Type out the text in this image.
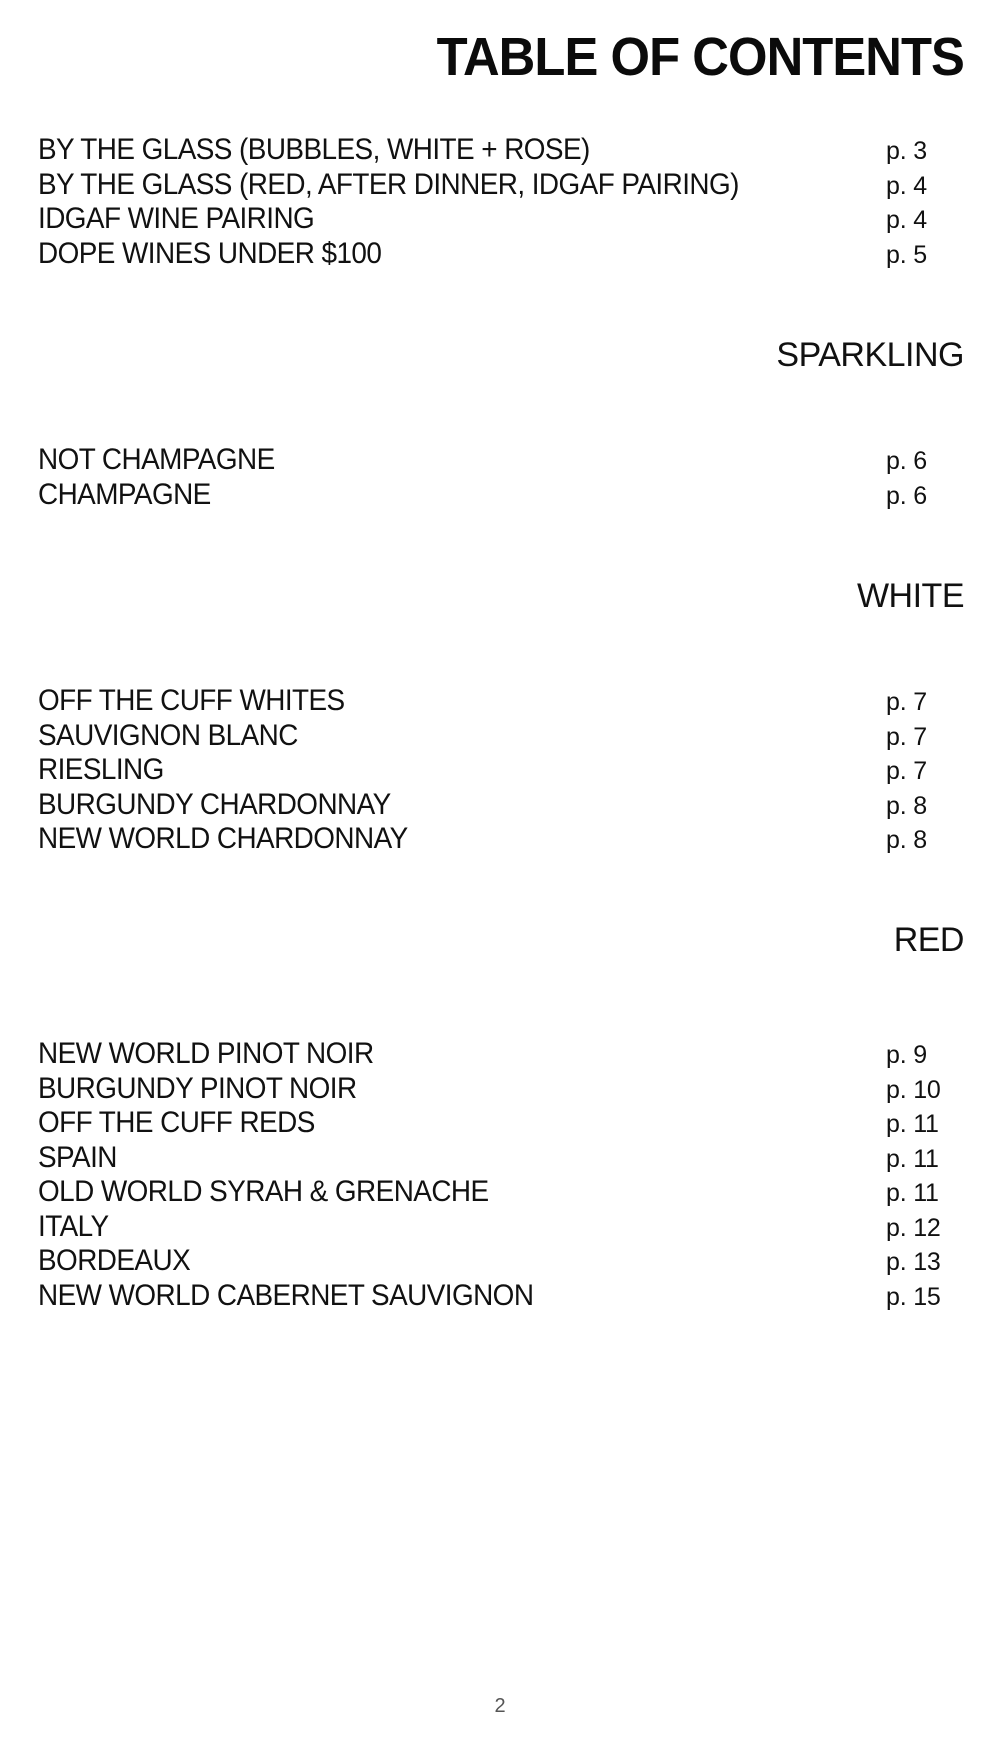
TABLE OF CONTENTS
BY THE GLASS (BUBBLES, WHITE + ROSE)	p. 3
BY THE GLASS (RED, AFTER DINNER, IDGAF PAIRING)	p. 4
IDGAF WINE PAIRING	p. 4
DOPE WINES UNDER $100	p. 5
SPARKLING
NOT CHAMPAGNE	p. 6
CHAMPAGNE	p. 6
WHITE
OFF THE CUFF WHITES	p. 7
SAUVIGNON BLANC	p. 7
RIESLING	p. 7
BURGUNDY CHARDONNAY	p. 8
NEW WORLD CHARDONNAY	p. 8
RED
NEW WORLD PINOT NOIR	p. 9
BURGUNDY PINOT NOIR	p. 10
OFF THE CUFF REDS	p. 11
SPAIN	p. 11
OLD WORLD SYRAH & GRENACHE	p. 11
ITALY	p. 12
BORDEAUX	p. 13
NEW WORLD CABERNET SAUVIGNON	p. 15
2
